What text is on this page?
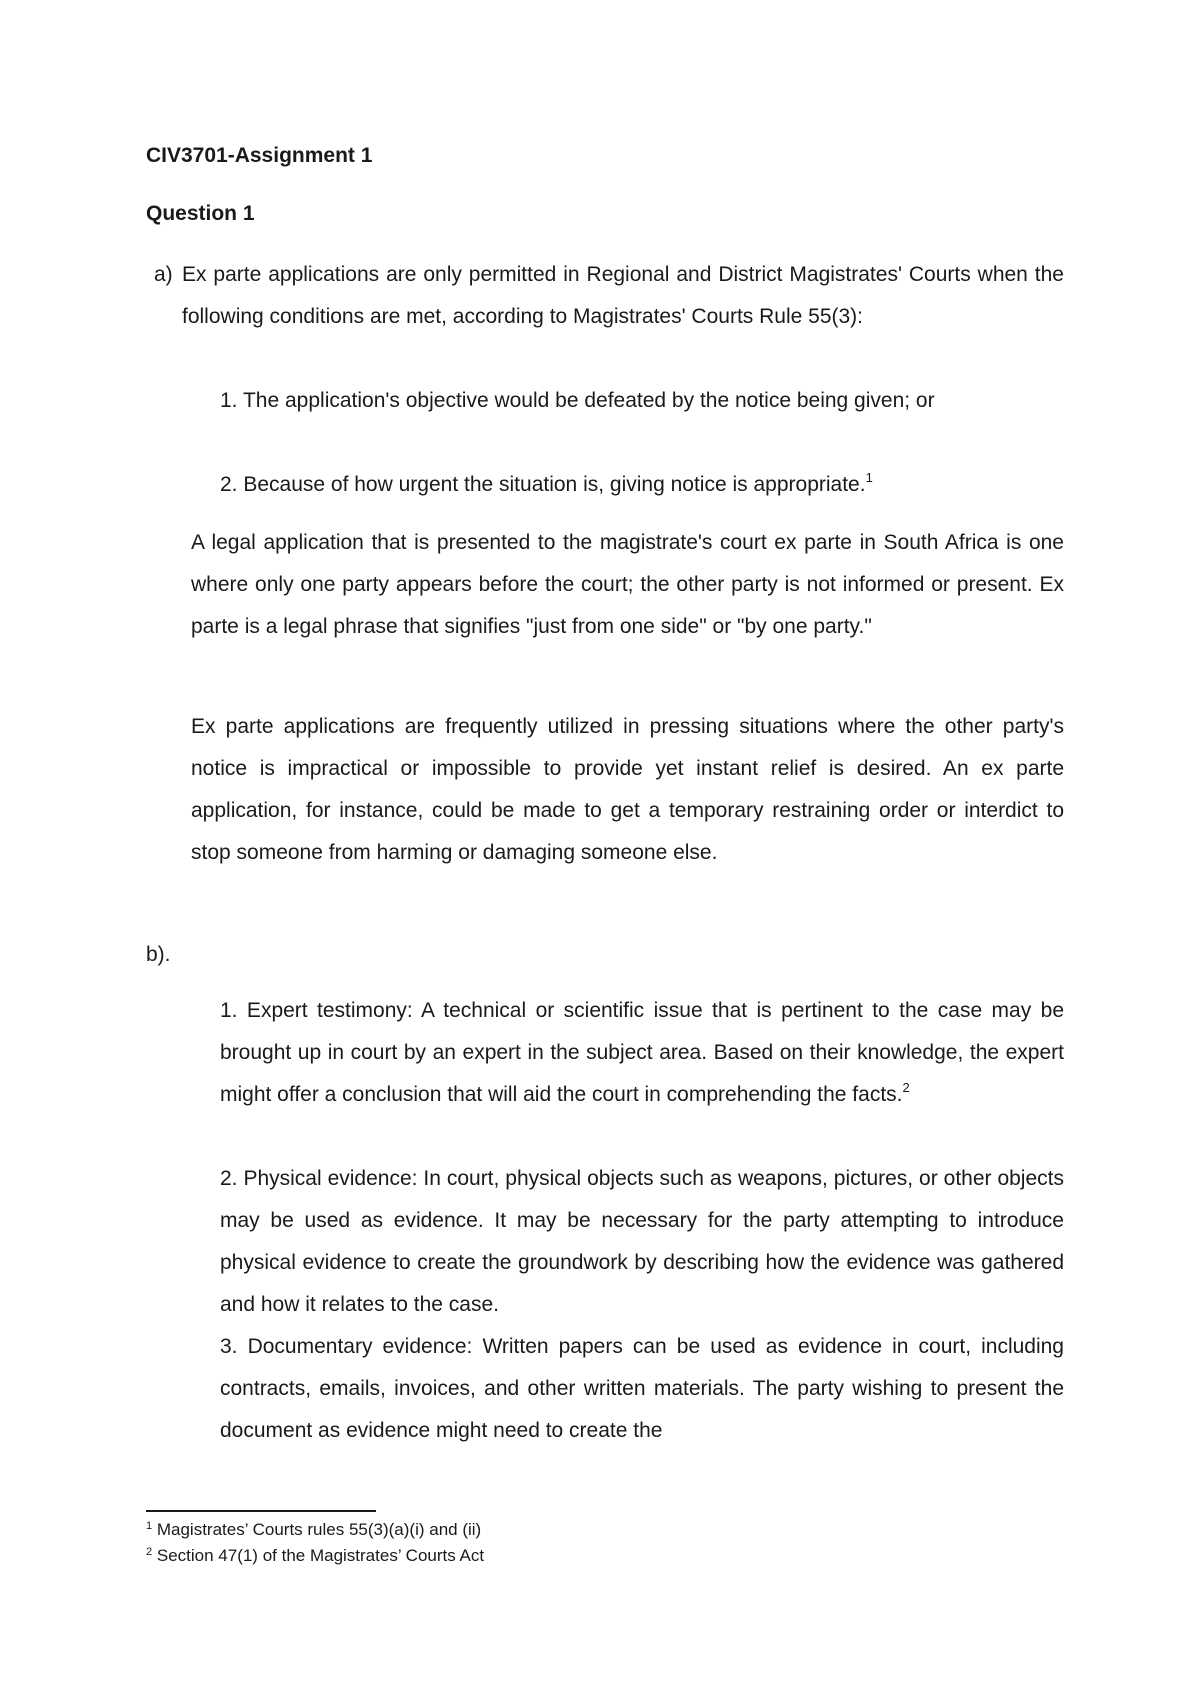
CIV3701-Assignment 1
Question 1

a) Ex parte applications are only permitted in Regional and District Magistrates' Courts when the following conditions are met, according to Magistrates' Courts Rule 55(3):

1. The application's objective would be defeated by the notice being given; or

2. Because of how urgent the situation is, giving notice is appropriate.$^1$

A legal application that is presented to the magistrate's court ex parte in South Africa is one where only one party appears before the court; the other party is not informed or present. Ex parte is a legal phrase that signifies "just from one side" or "by one party."

Ex parte applications are frequently utilized in pressing situations where the other party's notice is impractical or impossible to provide yet instant relief is desired. An ex parte application, for instance, could be made to get a temporary restraining order or interdict to stop someone from harming or damaging someone else.

b).

1. Expert testimony: A technical or scientific issue that is pertinent to the case may be brought up in court by an expert in the subject area. Based on their knowledge, the expert might offer a conclusion that will aid the court in comprehending the facts.$^2$

2. Physical evidence: In court, physical objects such as weapons, pictures, or other objects may be used as evidence. It may be necessary for the party attempting to introduce physical evidence to create the groundwork by describing how the evidence was gathered and how it relates to the case.

3. Documentary evidence: Written papers can be used as evidence in court, including contracts, emails, invoices, and other written materials. The party wishing to present the document as evidence might need to create the

$^1$ Magistrates’ Courts rules 55(3)(a)(i) and (ii)

$^2$ Section 47(1) of the Magistrates’ Courts Act
